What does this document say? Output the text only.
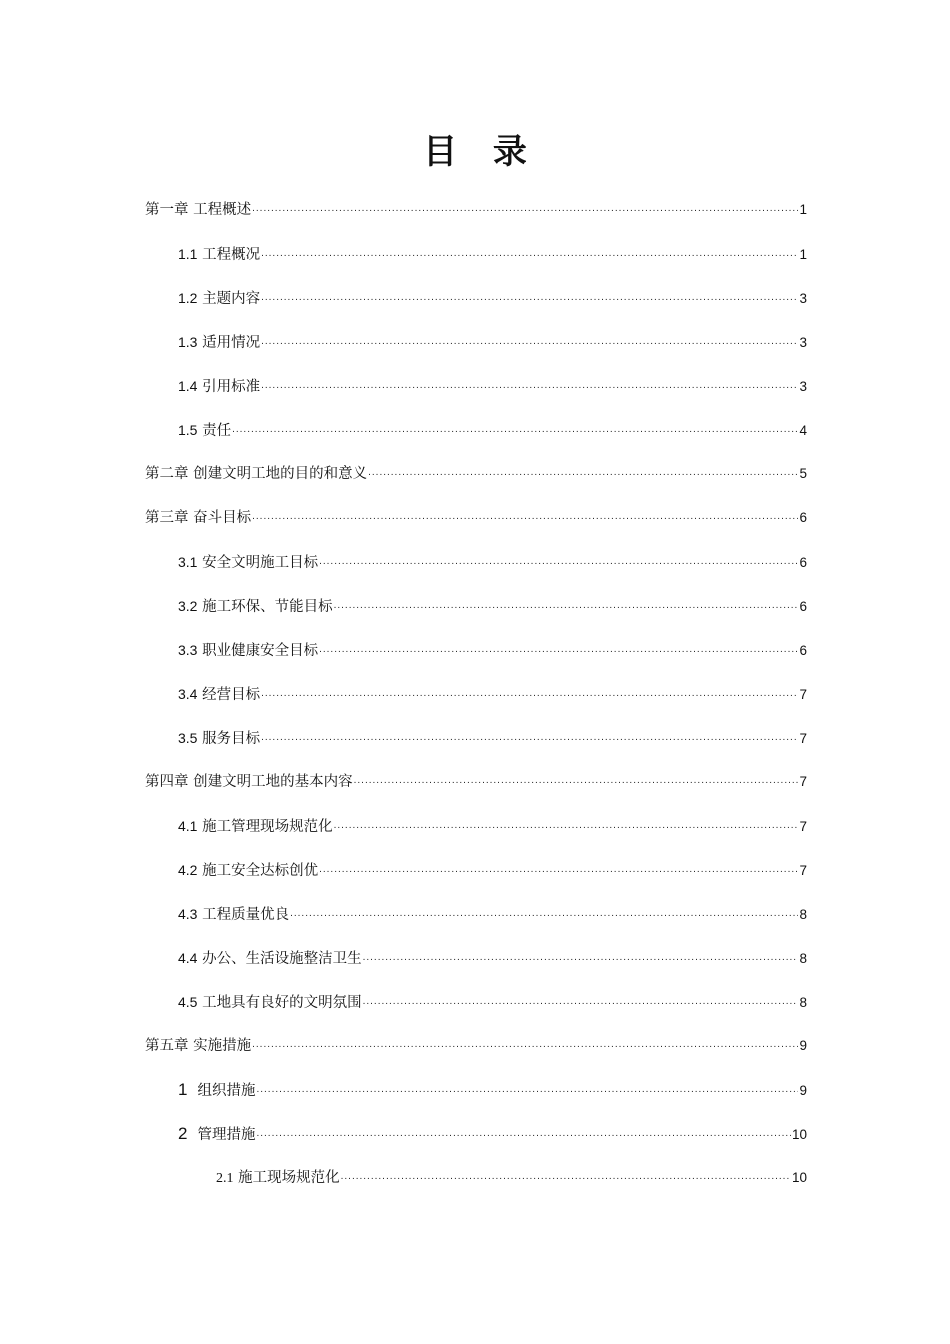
目 录
第一章 工程概述 .....	1
1.1 工程概况 .....	1
1.2 主题内容 .....	3
1.3 适用情况 .....	3
1.4 引用标准 .....	3
1.5 责任 .....	4
第二章 创建文明工地的目的和意义 .....	5
第三章 奋斗目标 .....	6
3.1 安全文明施工目标 .....	6
3.2 施工环保、节能目标 .....	6
3.3 职业健康安全目标 .....	6
3.4 经营目标 .....	7
3.5 服务目标 .....	7
第四章 创建文明工地的基本内容 .....	7
4.1 施工管理现场规范化 .....	7
4.2 施工安全达标创优 .....	7
4.3 工程质量优良 .....	8
4.4 办公、生活设施整洁卫生 .....	8
4.5 工地具有良好的文明氛围 .....	8
第五章 实施措施 .....	9
1 组织措施 .....	9
2 管理措施 .....	10
2.1 施工现场规范化 .....	10
